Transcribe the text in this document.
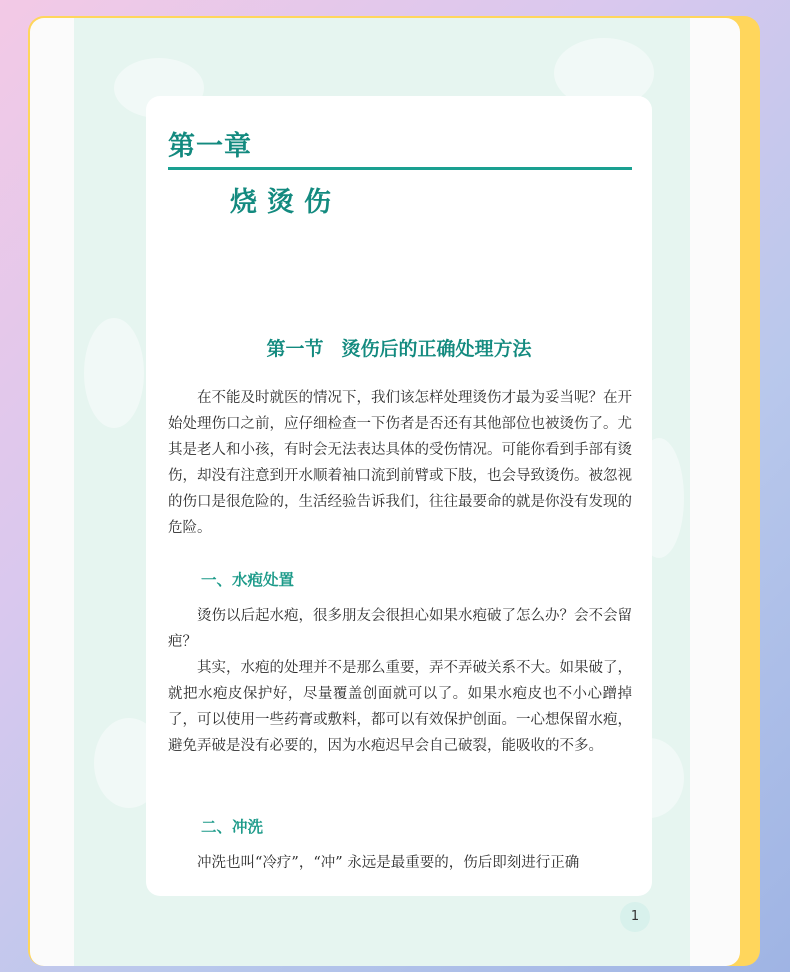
第一章
烧烫伤
第一节 烫伤后的正确处理方法

在不能及时就医的情况下，我们该怎样处理烫伤才最为妥当呢？在开始处理伤口之前，应仔细检查一下伤者是否还有其他部位也被烫伤了。尤其是老人和小孩，有时会无法表达具体的受伤情况。可能你看到手部有烫伤，却没有注意到开水顺着袖口流到前臂或下肢，也会导致烫伤。被忽视的伤口是很危险的，生活经验告诉我们，往往最要命的就是你没有发现的危险。

一、水疱处置

烫伤以后起水疱，很多朋友会很担心如果水疱破了怎么办？会不会留疤？

其实，水疱的处理并不是那么重要，弄不弄破关系不大。如果破了，就把水疱皮保护好，尽量覆盖创面就可以了。如果水疱皮也不小心蹭掉了，可以使用一些药膏或敷料，都可以有效保护创面。一心想保留水疱，避免弄破是没有必要的，因为水疱迟早会自己破裂，能吸收的不多。

二、冲洗

冲洗也叫“冷疗”，“冲” 永远是最重要的，伤后即刻进行正确

1
